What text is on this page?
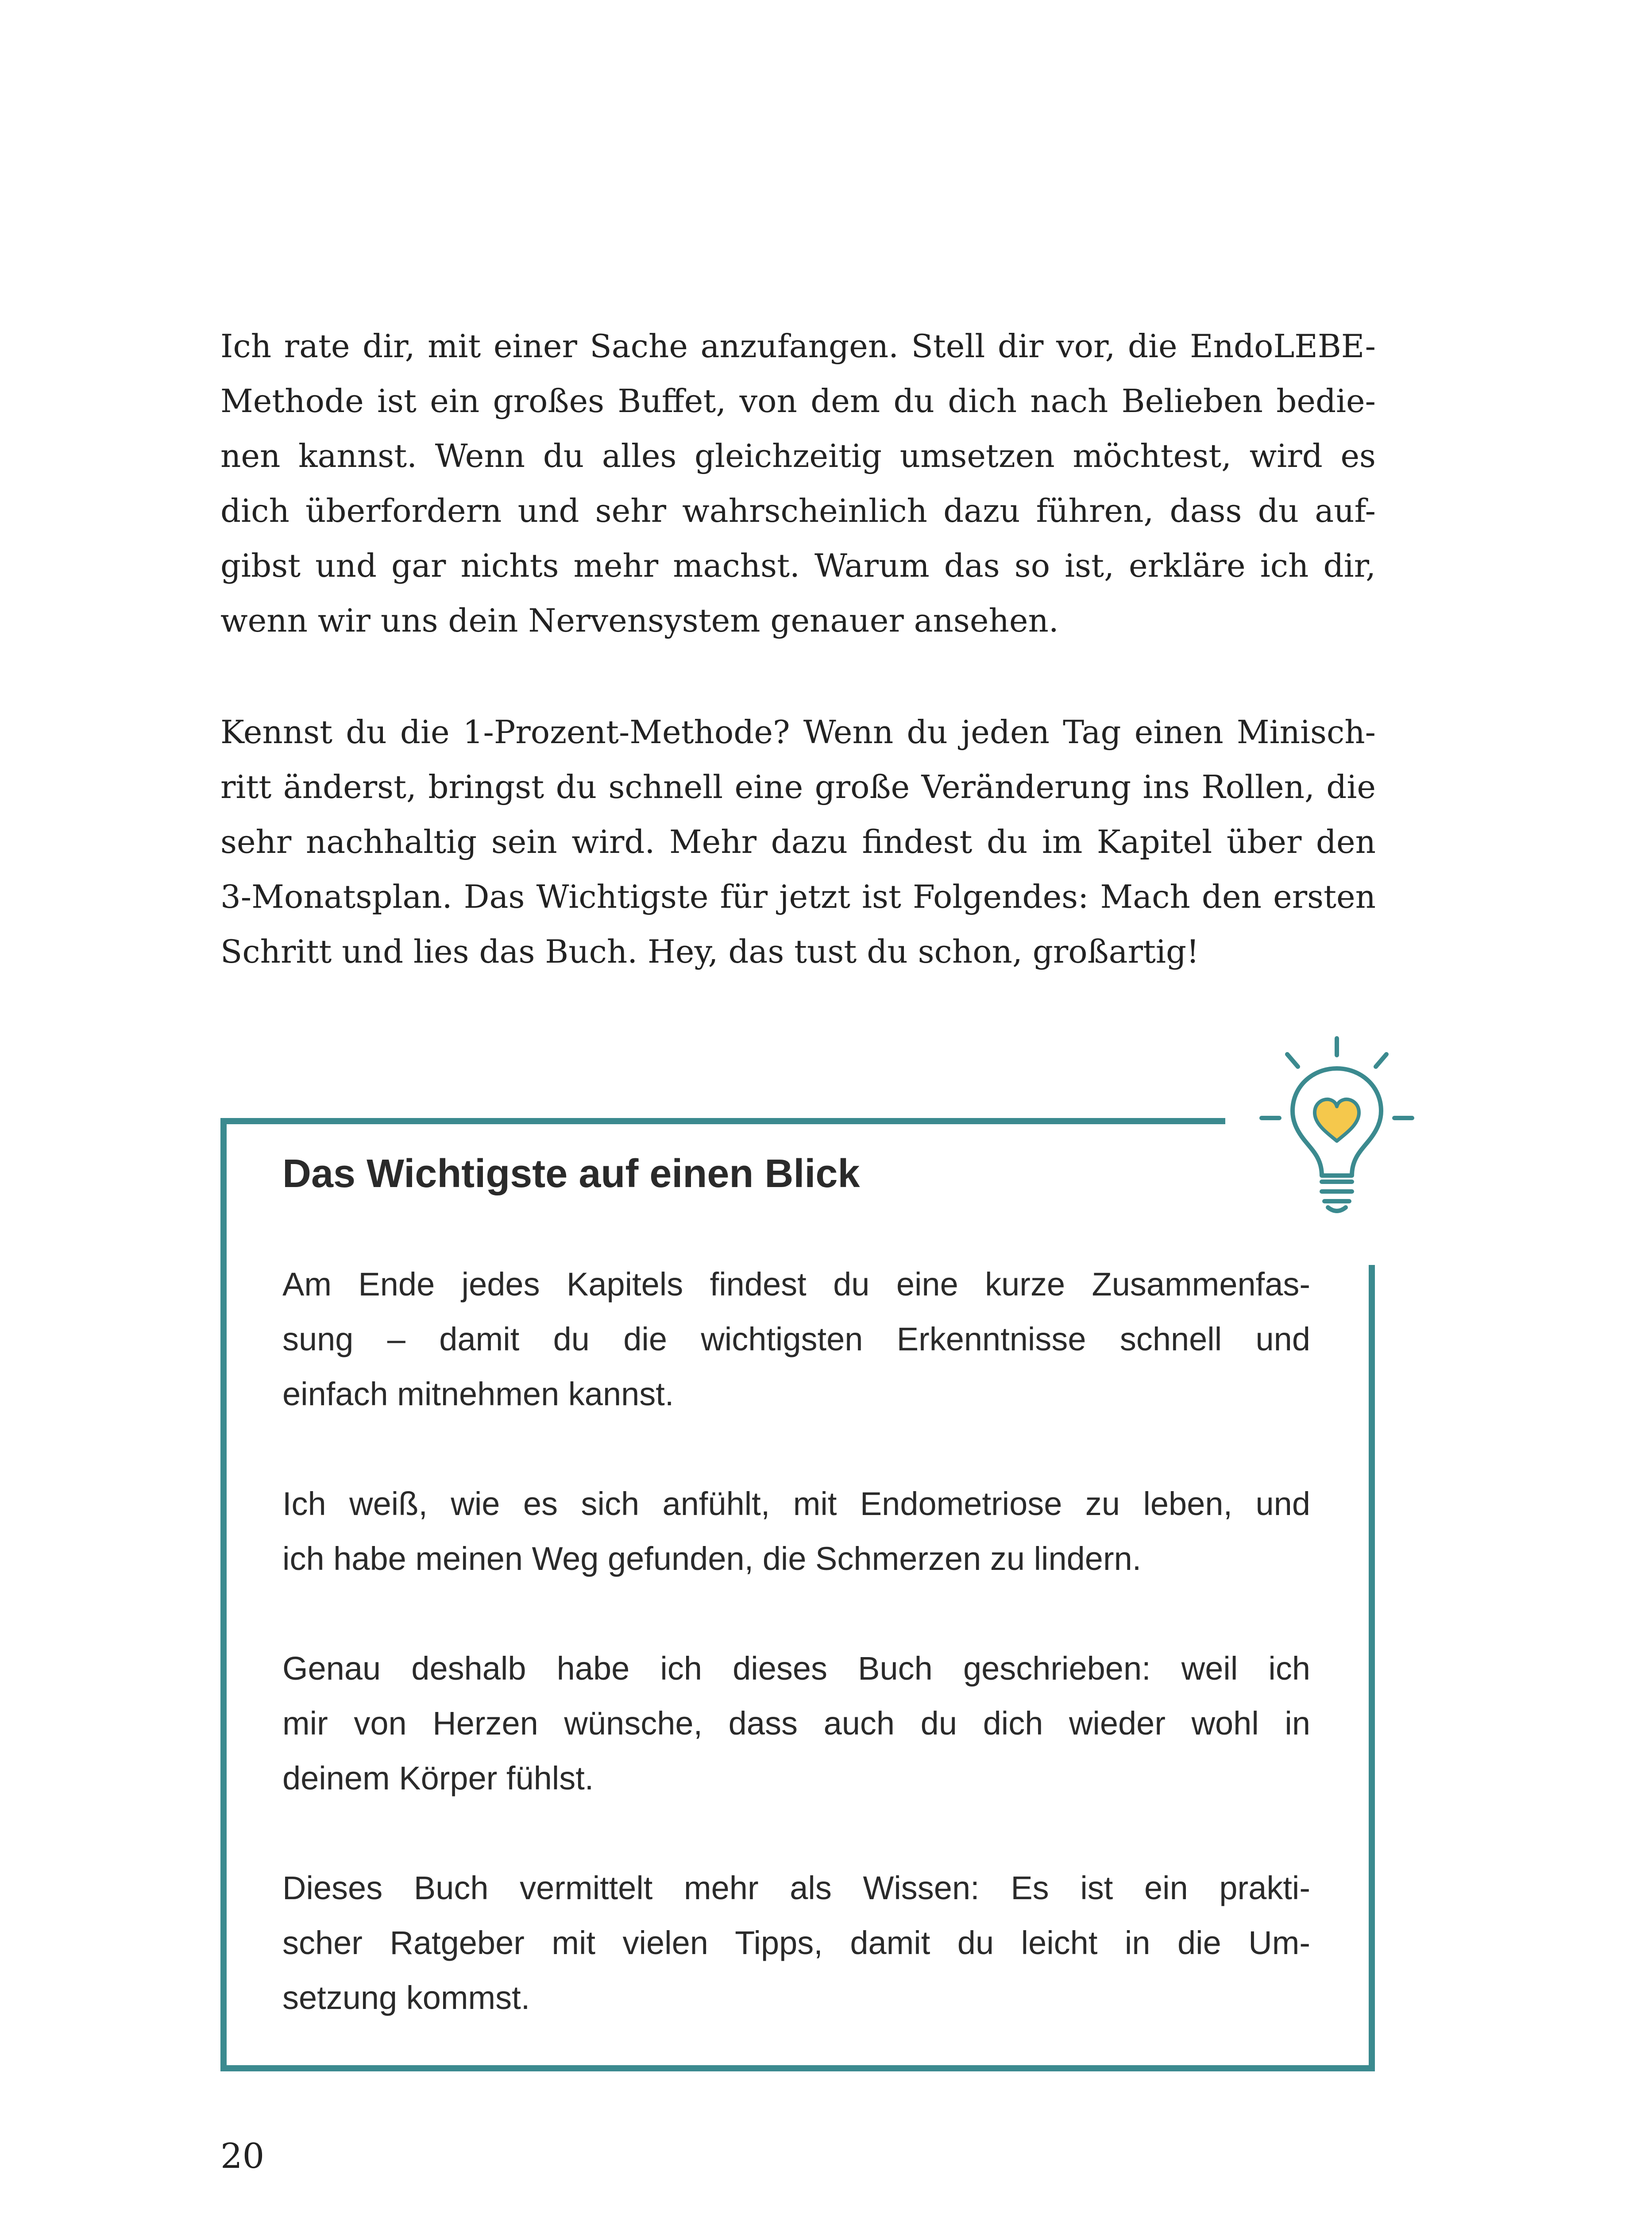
Ich rate dir, mit einer Sache anzufangen. Stell dir vor, die EndoLEBE-
Methode ist ein großes Buffet, von dem du dich nach Belieben bedie-
nen kannst. Wenn du alles gleichzeitig umsetzen möchtest, wird es
dich überfordern und sehr wahrscheinlich dazu führen, dass du auf-
gibst und gar nichts mehr machst. Warum das so ist, erkläre ich dir,
wenn wir uns dein Nervensystem genauer ansehen.

Kennst du die 1-Prozent-Methode? Wenn du jeden Tag einen Minisch-
ritt änderst, bringst du schnell eine große Veränderung ins Rollen, die
sehr nachhaltig sein wird. Mehr dazu findest du im Kapitel über den
3-Monatsplan. Das Wichtigste für jetzt ist Folgendes: Mach den ersten
Schritt und lies das Buch. Hey, das tust du schon, großartig!

Das Wichtigste auf einen Blick

Am Ende jedes Kapitels findest du eine kurze Zusammenfas-
sung – damit du die wichtigsten Erkenntnisse schnell und
einfach mitnehmen kannst.

Ich weiß, wie es sich anfühlt, mit Endometriose zu leben, und
ich habe meinen Weg gefunden, die Schmerzen zu lindern.

Genau deshalb habe ich dieses Buch geschrieben: weil ich
mir von Herzen wünsche, dass auch du dich wieder wohl in
deinem Körper fühlst.

Dieses Buch vermittelt mehr als Wissen: Es ist ein prakti-
scher Ratgeber mit vielen Tipps, damit du leicht in die Um-
setzung kommst.

20
